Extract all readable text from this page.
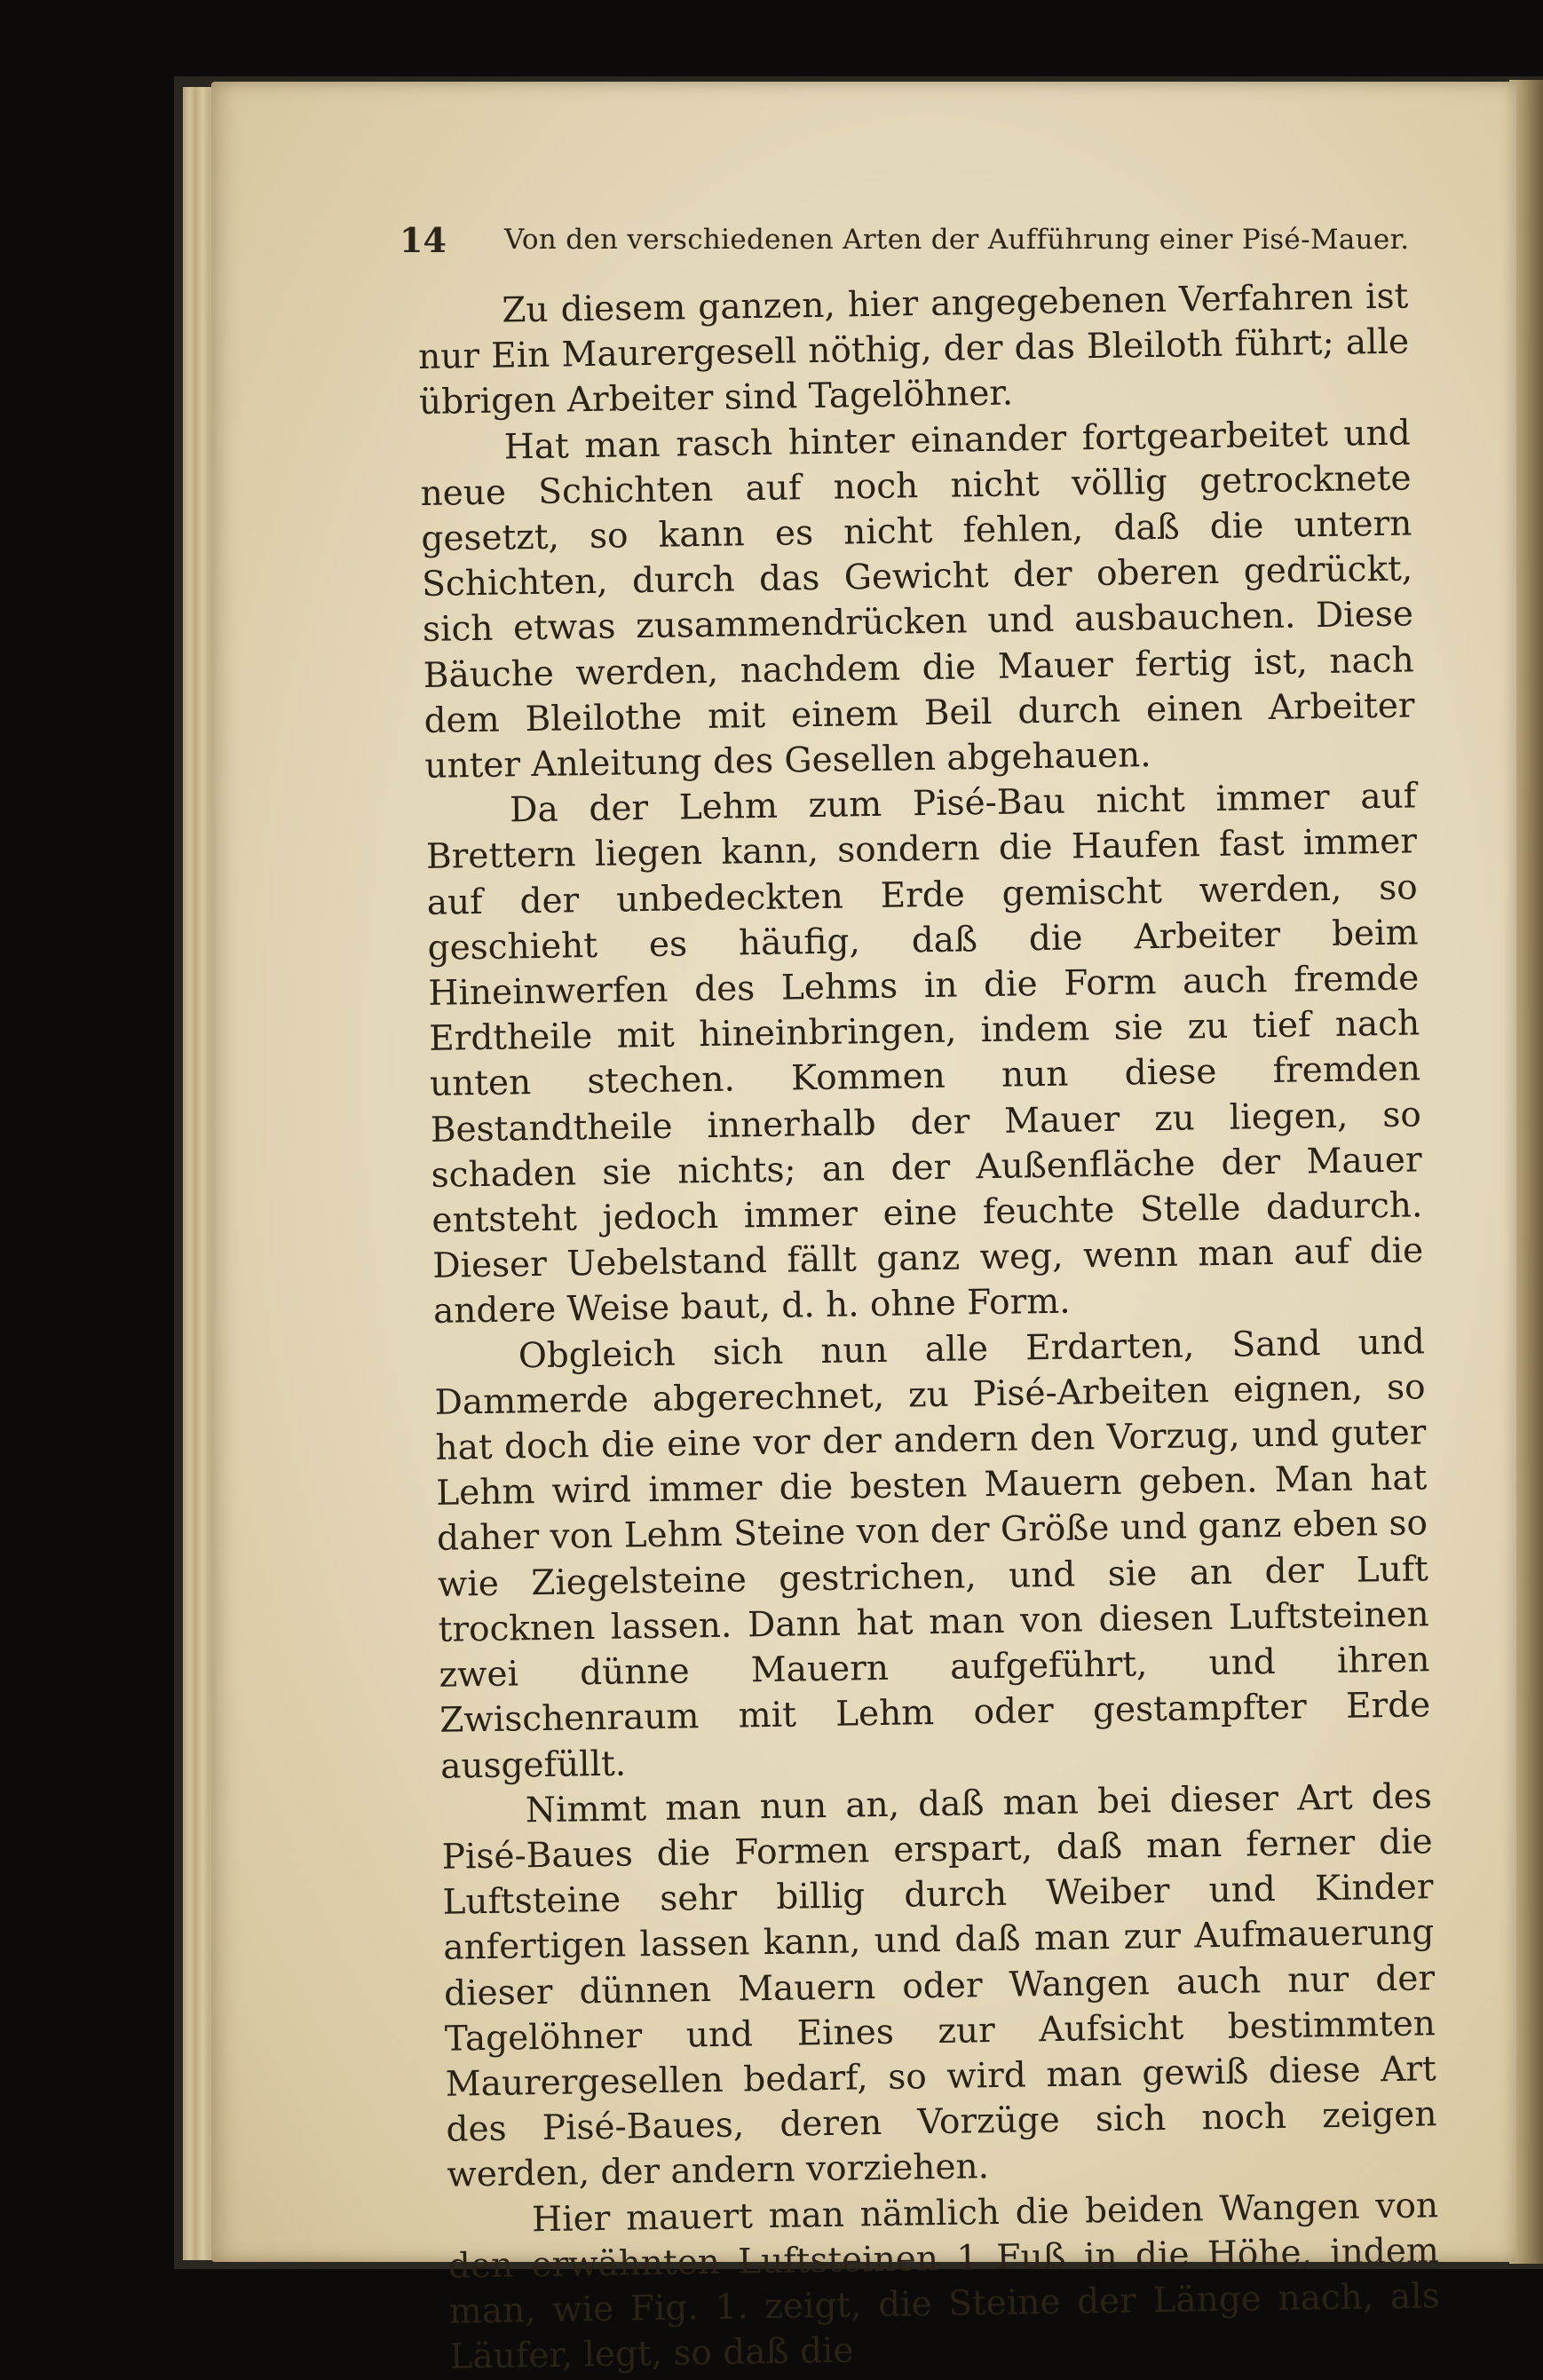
14 Von den verschiedenen Arten der Aufführung einer Pisé-Mauer.

Zu diesem ganzen, hier angegebenen Verfahren ist nur Ein Maurergesell nöthig, der das Bleiloth führt; alle übrigen Arbeiter sind Tagelöhner.

Hat man rasch hinter einander fortgearbeitet und neue Schichten auf noch nicht völlig getrocknete gesetzt, so kann es nicht fehlen, daß die untern Schichten, durch das Gewicht der oberen gedrückt, sich etwas zusammendrücken und ausbauchen. Diese Bäuche werden, nachdem die Mauer fertig ist, nach dem Bleilothe mit einem Beil durch einen Arbeiter unter Anleitung des Gesellen abgehauen.

Da der Lehm zum Pisé-Bau nicht immer auf Brettern liegen kann, sondern die Haufen fast immer auf der unbedeckten Erde gemischt werden, so geschieht es häufig, daß die Arbeiter beim Hineinwerfen des Lehms in die Form auch fremde Erdtheile mit hineinbringen, indem sie zu tief nach unten stechen. Kommen nun diese fremden Bestandtheile innerhalb der Mauer zu liegen, so schaden sie nichts; an der Außenfläche der Mauer entsteht jedoch immer eine feuchte Stelle dadurch. Dieser Uebelstand fällt ganz weg, wenn man auf die andere Weise baut, d. h. ohne Form.

Obgleich sich nun alle Erdarten, Sand und Dammerde abgerechnet, zu Pisé-Arbeiten eignen, so hat doch die eine vor der andern den Vorzug, und guter Lehm wird immer die besten Mauern geben. Man hat daher von Lehm Steine von der Größe und ganz eben so wie Ziegelsteine gestrichen, und sie an der Luft trocknen lassen. Dann hat man von diesen Luftsteinen zwei dünne Mauern aufgeführt, und ihren Zwischenraum mit Lehm oder gestampfter Erde ausgefüllt.

Nimmt man nun an, daß man bei dieser Art des Pisé-Baues die Formen erspart, daß man ferner die Luftsteine sehr billig durch Weiber und Kinder anfertigen lassen kann, und daß man zur Aufmauerung dieser dünnen Mauern oder Wangen auch nur der Tagelöhner und Eines zur Aufsicht bestimmten Maurergesellen bedarf, so wird man gewiß diese Art des Pisé-Baues, deren Vorzüge sich noch zeigen werden, der andern vorziehen.

Hier mauert man nämlich die beiden Wangen von den erwähnten Luftsteinen 1 Fuß in die Höhe, indem man, wie Fig. 1. zeigt, die Steine der Länge nach, als Läufer, legt, so daß die
